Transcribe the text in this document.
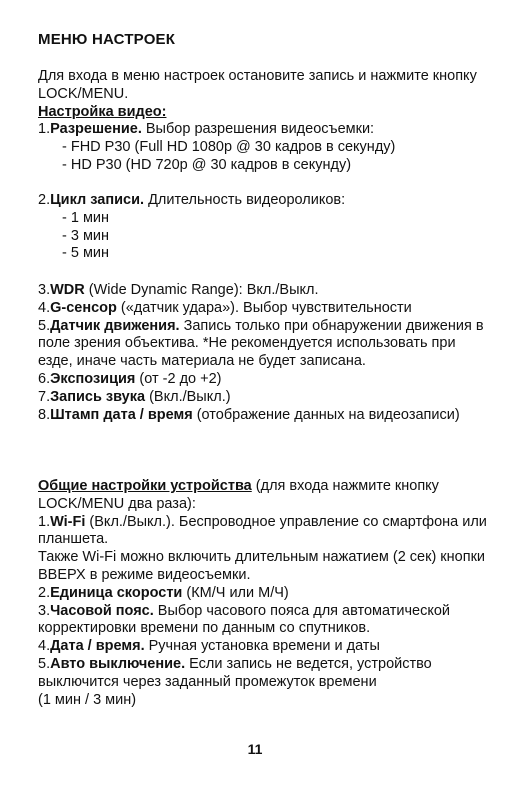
МЕНЮ НАСТРОЕК

Для входа в меню настроек остановите запись и нажмите кнопку LOCK/MENU.

Настройка видео:

1.Разрешение. Выбор разрешения видеосъемки:

- FHD P30 (Full HD 1080p @ 30 кадров в секунду)

- HD P30 (HD 720p @ 30 кадров в секунду)

2.Цикл записи. Длительность видеороликов:

- 1 мин

- 3 мин

- 5 мин

3.WDR (Wide Dynamic Range): Вкл./Выкл.

4.G-сенсор («датчик удара»). Выбор чувствительности

5.Датчик движения. Запись только при обнаружении движения в поле зрения объектива. *Не рекомендуется использовать при езде, иначе часть материала не будет записана.

6.Экспозиция (от -2 до +2)

7.Запись звука (Вкл./Выкл.)

8.Штамп дата / время (отображение данных на видеозаписи)

Общие настройки устройства (для входа нажмите кнопку LOCK/MENU два раза):

1.Wi-Fi (Вкл./Выкл.). Беспроводное управление со смартфона или планшета.

Также Wi-Fi можно включить длительным нажатием (2 сек) кнопки ВВЕРХ в режиме видеосъемки.

2.Единица скорости (КМ/Ч или М/Ч)

3.Часовой пояс. Выбор часового пояса для автоматической корректировки времени по данным со спутников.

4.Дата / время. Ручная установка времени и даты

5.Авто выключение. Если запись не ведется, устройство выключится через заданный промежуток времени

(1 мин / 3 мин)

11
